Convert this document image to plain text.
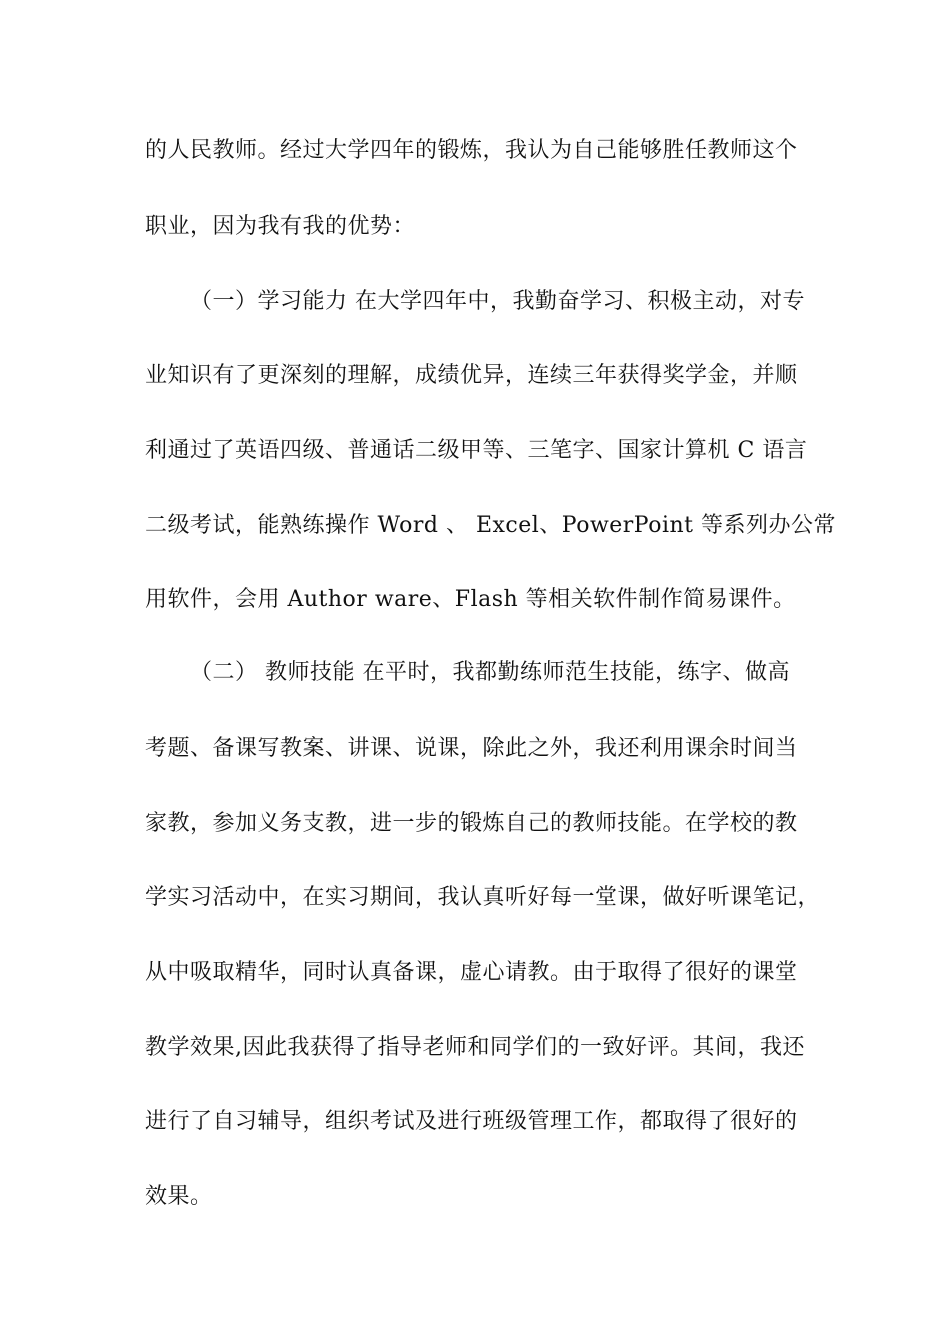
的人民教师。经过大学四年的锻炼，我认为自己能够胜任教师这个
职业，因为我有我的优势：
（一）学习能力 在大学四年中，我勤奋学习、积极主动，对专
业知识有了更深刻的理解，成绩优异，连续三年获得奖学金，并顺
利通过了英语四级、普通话二级甲等、三笔字、国家计算机 C 语言
二级考试，能熟练操作 Word 、 Excel、PowerPoint 等系列办公常
用软件，会用 Author ware、Flash 等相关软件制作简易课件。
（二） 教师技能 在平时，我都勤练师范生技能，练字、做高
考题、备课写教案、讲课、说课，除此之外，我还利用课余时间当
家教，参加义务支教，进一步的锻炼自己的教师技能。在学校的教
学实习活动中，在实习期间，我认真听好每一堂课，做好听课笔记，
从中吸取精华，同时认真备课，虚心请教。由于取得了很好的课堂
教学效果,因此我获得了指导老师和同学们的一致好评。其间，我还
进行了自习辅导，组织考试及进行班级管理工作，都取得了很好的
效果。
